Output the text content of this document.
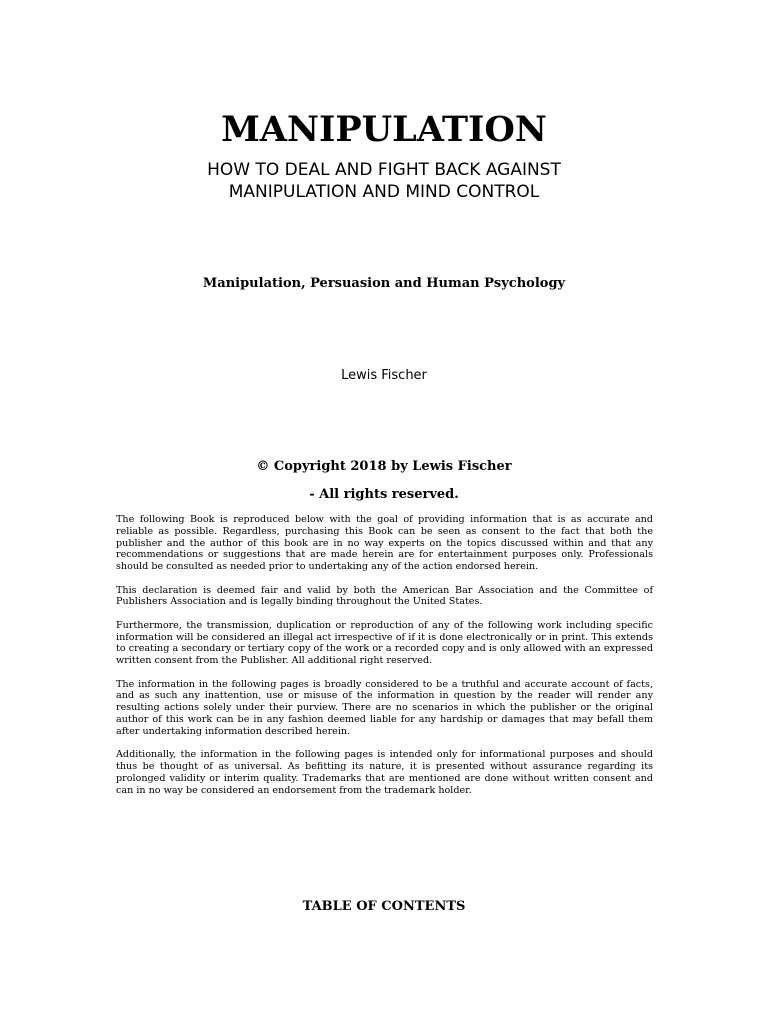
MANIPULATION
HOW TO DEAL AND FIGHT BACK AGAINST
MANIPULATION AND MIND CONTROL

Manipulation, Persuasion and Human Psychology

Lewis Fischer

© Copyright 2018 by Lewis Fischer

- All rights reserved.

The following Book is reproduced below with the goal of providing information that is as accurate and reliable as possible. Regardless, purchasing this Book can be seen as consent to the fact that both the publisher and the author of this book are in no way experts on the topics discussed within and that any recommendations or suggestions that are made herein are for entertainment purposes only. Professionals should be consulted as needed prior to undertaking any of the action endorsed herein.

This declaration is deemed fair and valid by both the American Bar Association and the Committee of Publishers Association and is legally binding throughout the United States.

Furthermore, the transmission, duplication or reproduction of any of the following work including specific information will be considered an illegal act irrespective of if it is done electronically or in print. This extends to creating a secondary or tertiary copy of the work or a recorded copy and is only allowed with an expressed written consent from the Publisher. All additional right reserved.

The information in the following pages is broadly considered to be a truthful and accurate account of facts, and as such any inattention, use or misuse of the information in question by the reader will render any resulting actions solely under their purview. There are no scenarios in which the publisher or the original author of this work can be in any fashion deemed liable for any hardship or damages that may befall them after undertaking information described herein.

Additionally, the information in the following pages is intended only for informational purposes and should thus be thought of as universal. As befitting its nature, it is presented without assurance regarding its prolonged validity or interim quality. Trademarks that are mentioned are done without written consent and can in no way be considered an endorsement from the trademark holder.

TABLE OF CONTENTS
